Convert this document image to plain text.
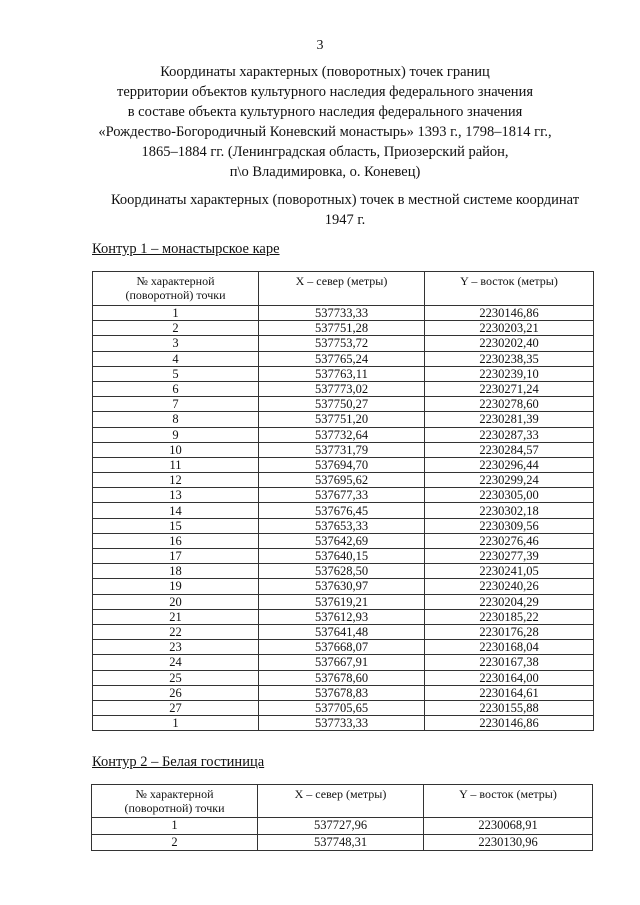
3
Координаты характерных (поворотных) точек границ
территории объектов культурного наследия федерального значения
в составе объекта культурного наследия федерального значения
«Рождество-Богородичный Коневский монастырь» 1393 г., 1798–1814 гг.,
1865–1884 гг. (Ленинградская область, Приозерский район,
п\о Владимировка, о. Коневец)
Координаты характерных (поворотных) точек в местной системе координат
1947 г.
Контур 1 – монастырское каре
№ характерной
(поворотной) точки	X – север (метры)	Y – восток (метры)
1	537733,33	2230146,86
2	537751,28	2230203,21
3	537753,72	2230202,40
4	537765,24	2230238,35
5	537763,11	2230239,10
6	537773,02	2230271,24
7	537750,27	2230278,60
8	537751,20	2230281,39
9	537732,64	2230287,33
10	537731,79	2230284,57
11	537694,70	2230296,44
12	537695,62	2230299,24
13	537677,33	2230305,00
14	537676,45	2230302,18
15	537653,33	2230309,56
16	537642,69	2230276,46
17	537640,15	2230277,39
18	537628,50	2230241,05
19	537630,97	2230240,26
20	537619,21	2230204,29
21	537612,93	2230185,22
22	537641,48	2230176,28
23	537668,07	2230168,04
24	537667,91	2230167,38
25	537678,60	2230164,00
26	537678,83	2230164,61
27	537705,65	2230155,88
1	537733,33	2230146,86
Контур 2 – Белая гостиница
№ характерной
(поворотной) точки	X – север (метры)	Y – восток (метры)
1	537727,96	2230068,91
2	537748,31	2230130,96
